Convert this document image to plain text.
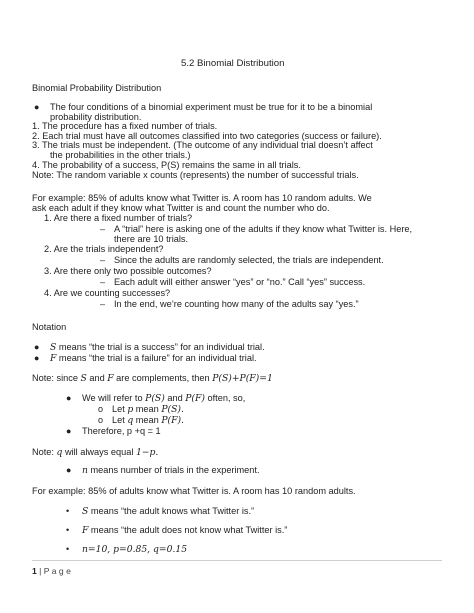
5.2 Binomial Distribution
Binomial Probability Distribution
● The four conditions of a binomial experiment must be true for it to be a binomial
probability distribution.
1. The procedure has a fixed number of trials.
2. Each trial must have all outcomes classified into two categories (success or failure).
3. The trials must be independent. (The outcome of any individual trial doesn’t affect
the probabilities in the other trials.)
4. The probability of a success, P(S) remains the same in all trials.
Note: The random variable x counts (represents) the number of successful trials.
For example: 85% of adults know what Twitter is. A room has 10 random adults. We
ask each adult if they know what Twitter is and count the number who do.
1. Are there a fixed number of trials?
– A “trial” here is asking one of the adults if they know what Twitter is. Here,
there are 10 trials.
2. Are the trials independent?
– Since the adults are randomly selected, the trials are independent.
3. Are there only two possible outcomes?
– Each adult will either answer “yes” or “no.” Call “yes” success.
4. Are we counting successes?
– In the end, we’re counting how many of the adults say “yes.”
Notation
● S means “the trial is a success” for an individual trial.
● F means “the trial is a failure” for an individual trial.
Note: since S and F are complements, then P(S)+P(F)=1
● We will refer to P(S) and P(F) often, so,
o Let p mean P(S).
o Let q mean P(F).
● Therefore, p +q = 1
Note: q will always equal 1−p.
● n means number of trials in the experiment.
For example: 85% of adults know what Twitter is. A room has 10 random adults.
• S means “the adult knows what Twitter is.”
• F means “the adult does not know what Twitter is.”
• n=10, p=0.85, q=0.15
1 | P a g e
